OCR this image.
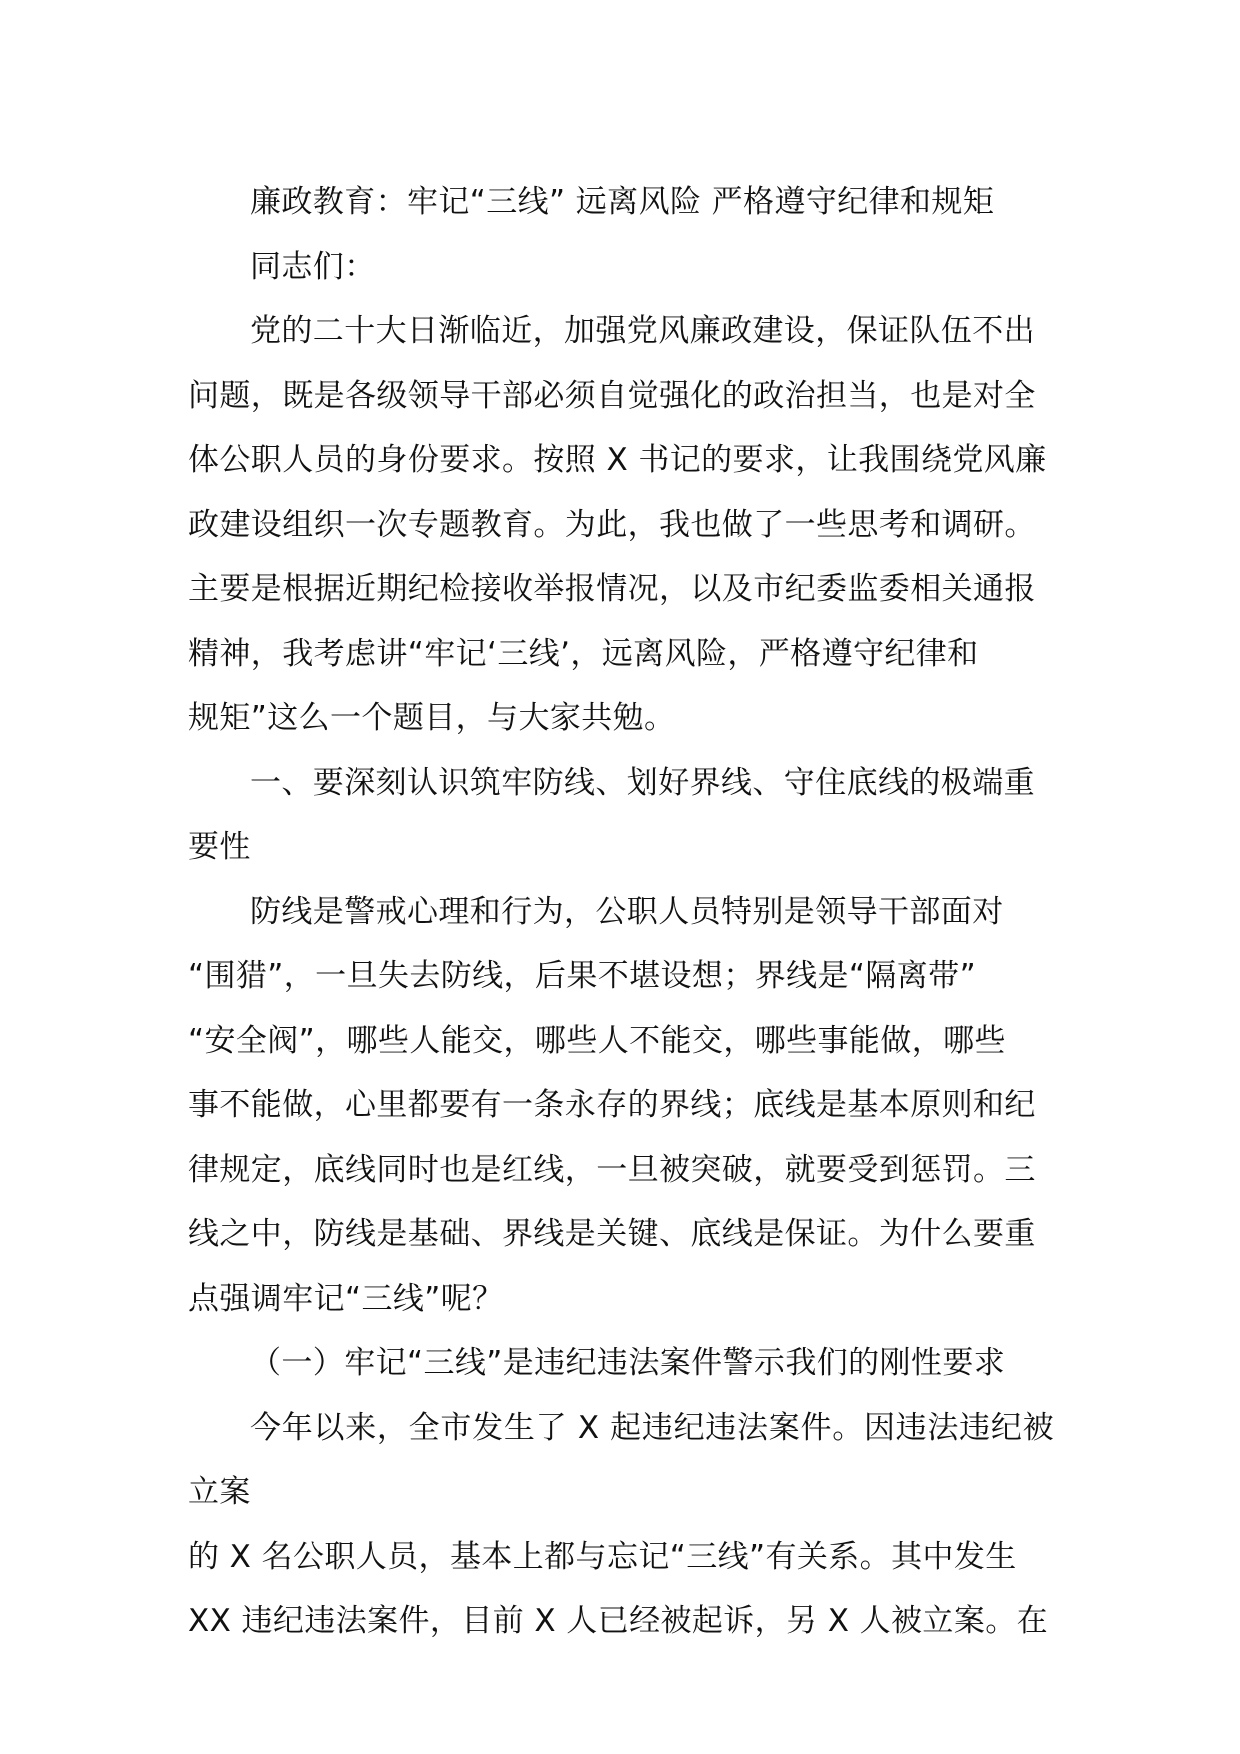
廉政教育：牢记“三线” 远离风险 严格遵守纪律和规矩

同志们：

党的二十大日渐临近，加强党风廉政建设，保证队伍不出
问题，既是各级领导干部必须自觉强化的政治担当，也是对全
体公职人员的身份要求。按照 X 书记的要求，让我围绕党风廉
政建设组织一次专题教育。为此，我也做了一些思考和调研。
主要是根据近期纪检接收举报情况，以及市纪委监委相关通报
精神，我考虑讲“牢记‘三线’，远离风险，严格遵守纪律和
规矩”这么一个题目，与大家共勉。

一、要深刻认识筑牢防线、划好界线、守住底线的极端重
要性

防线是警戒心理和行为，公职人员特别是领导干部面对
“围猎”，一旦失去防线，后果不堪设想；界线是“隔离带”
“安全阀”，哪些人能交，哪些人不能交，哪些事能做，哪些
事不能做，心里都要有一条永存的界线；底线是基本原则和纪
律规定，底线同时也是红线，一旦被突破，就要受到惩罚。三
线之中，防线是基础、界线是关键、底线是保证。为什么要重
点强调牢记“三线”呢？

（一）牢记“三线”是违纪违法案件警示我们的刚性要求

今年以来，全市发生了 X 起违纪违法案件。因违法违纪被立案
的 X 名公职人员，基本上都与忘记“三线”有关系。其中发生
XX 违纪违法案件，目前 X 人已经被起诉，另 X 人被立案。在
